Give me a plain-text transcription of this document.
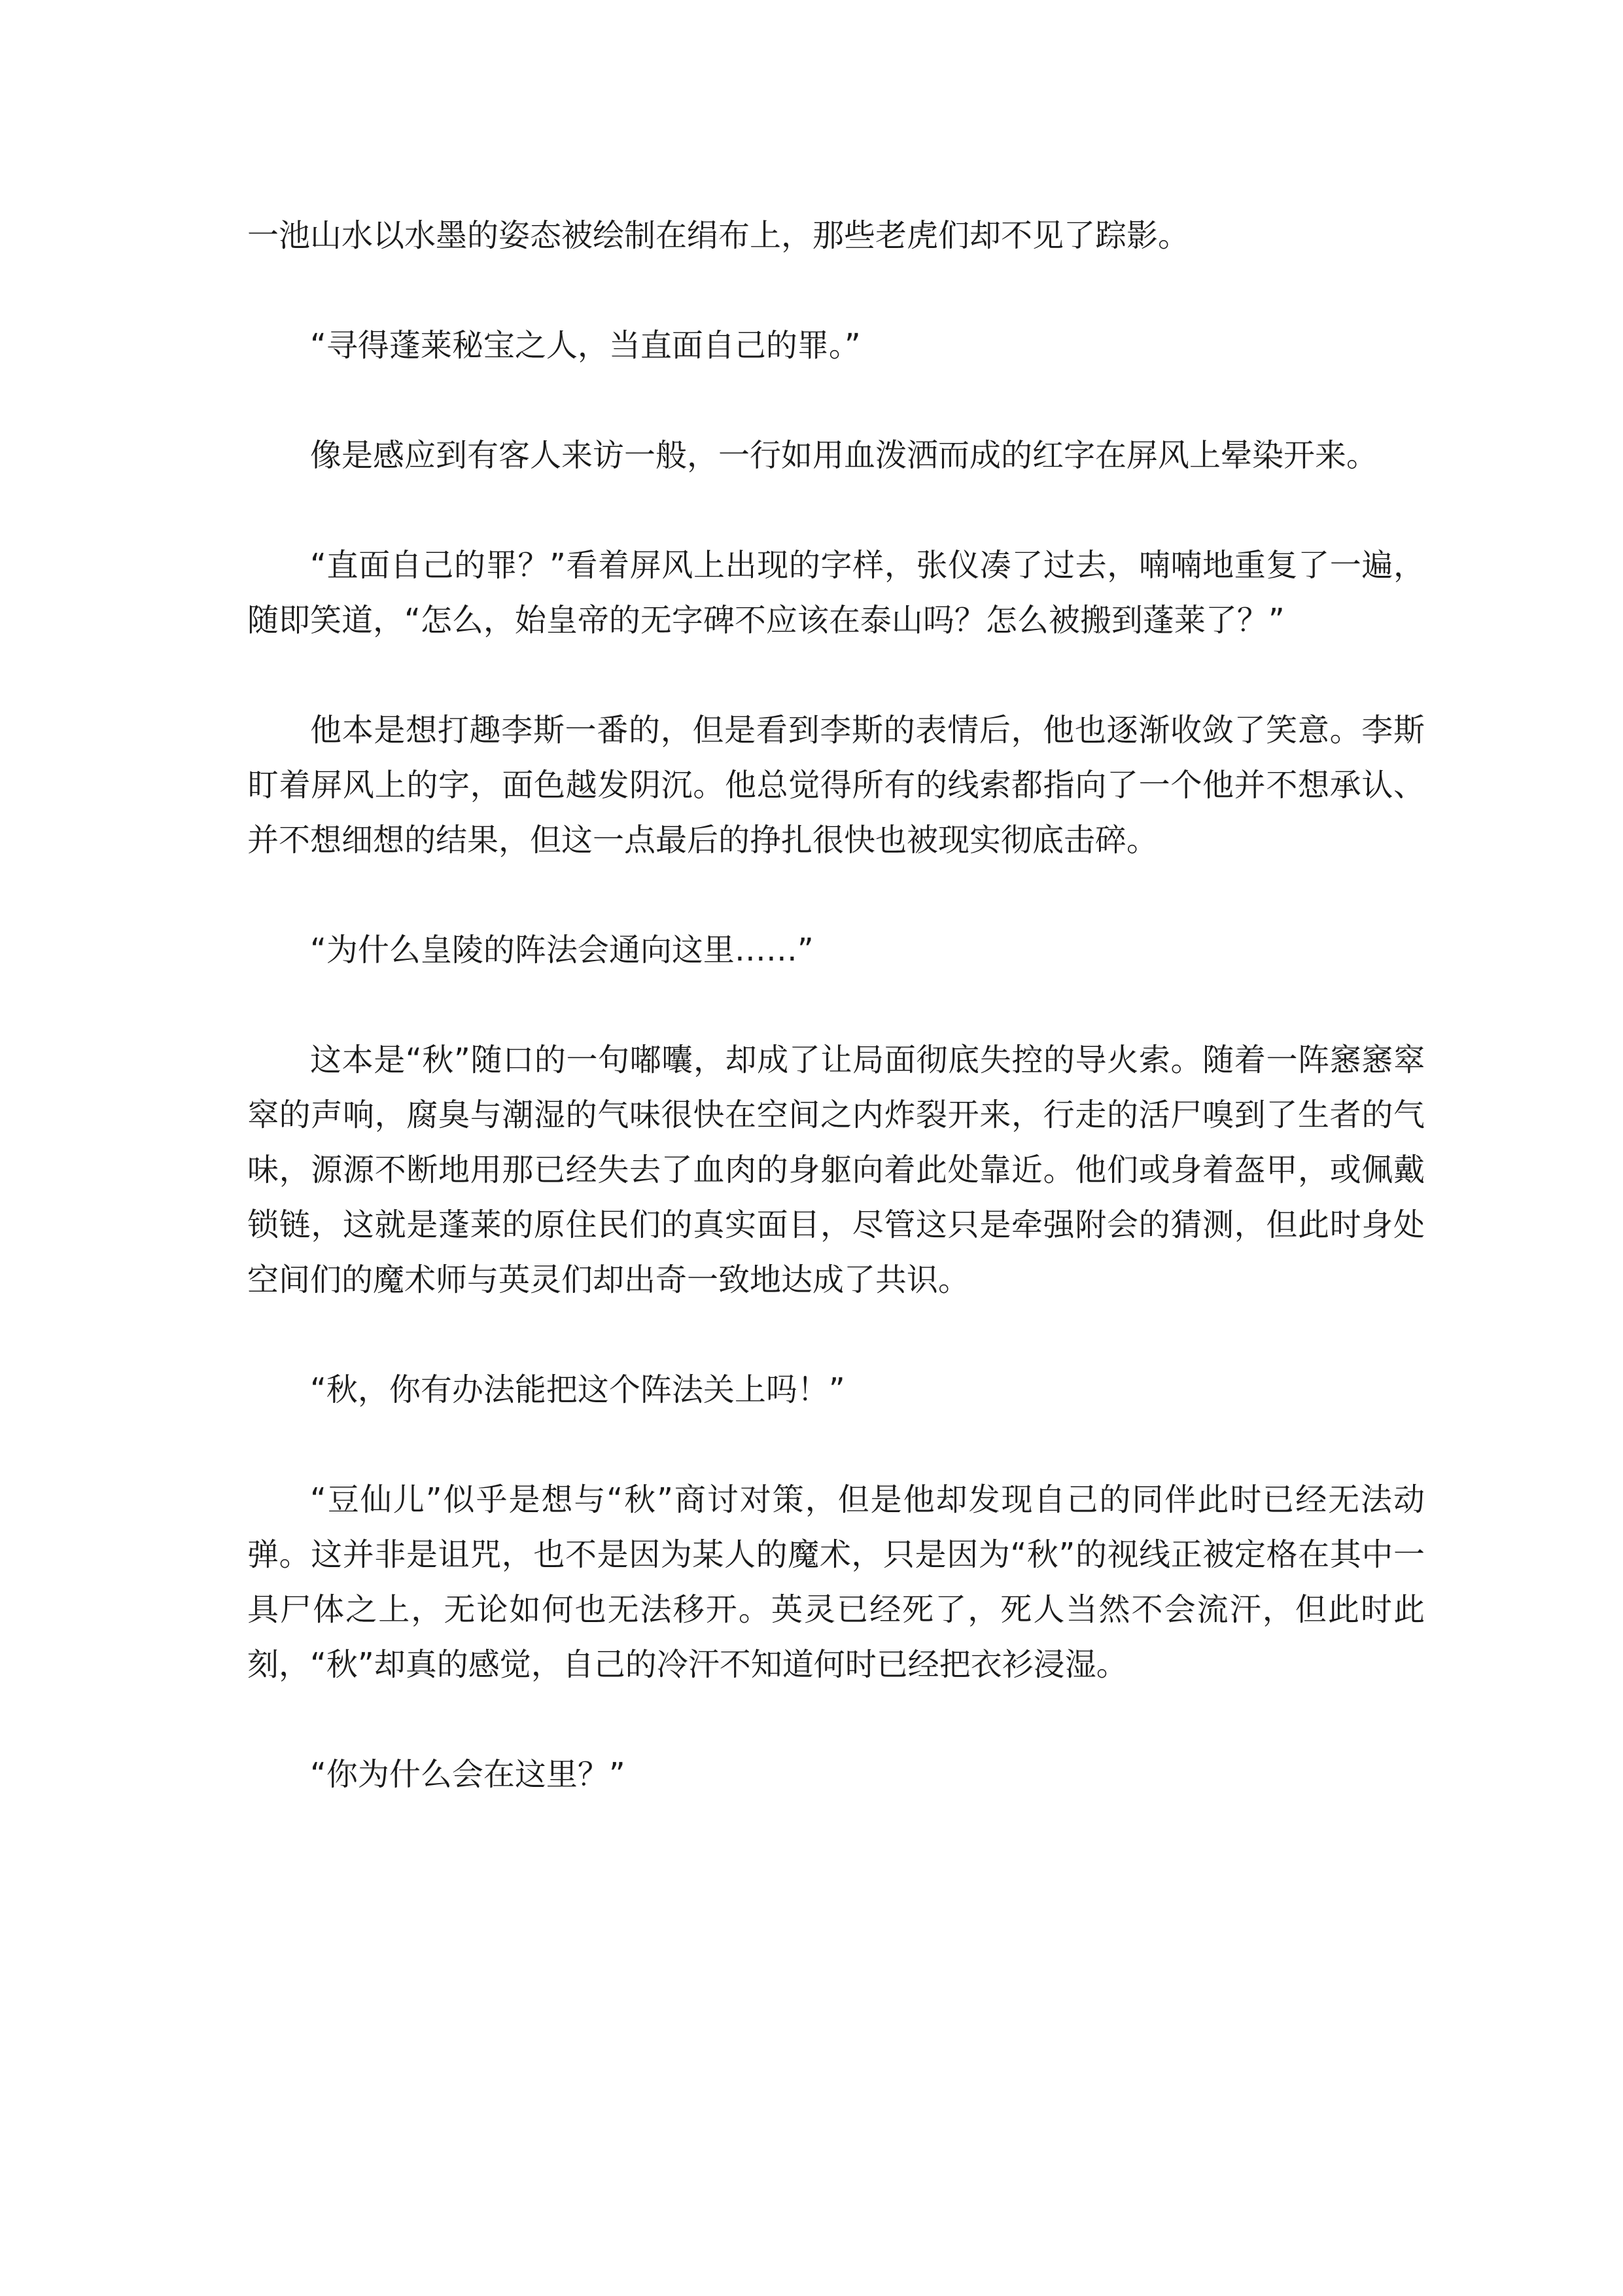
一池山水以水墨的姿态被绘制在绢布上，那些老虎们却不见了踪影。

“寻得蓬莱秘宝之人，当直面自己的罪。”

像是感应到有客人来访一般，一行如用血泼洒而成的红字在屏风上晕染开来。

“直面自己的罪？”看着屏风上出现的字样，张仪凑了过去，喃喃地重复了一遍，随即笑道，“怎么，始皇帝的无字碑不应该在泰山吗？怎么被搬到蓬莱了？”

他本是想打趣李斯一番的，但是看到李斯的表情后，他也逐渐收敛了笑意。李斯盯着屏风上的字，面色越发阴沉。他总觉得所有的线索都指向了一个他并不想承认、并不想细想的结果，但这一点最后的挣扎很快也被现实彻底击碎。

“为什么皇陵的阵法会通向这里……”

这本是“秋”随口的一句嘟囔，却成了让局面彻底失控的导火索。随着一阵窸窸窣窣的声响，腐臭与潮湿的气味很快在空间之内炸裂开来，行走的活尸嗅到了生者的气味，源源不断地用那已经失去了血肉的身躯向着此处靠近。他们或身着盔甲，或佩戴锁链，这就是蓬莱的原住民们的真实面目，尽管这只是牵强附会的猜测，但此时身处空间们的魔术师与英灵们却出奇一致地达成了共识。

“秋，你有办法能把这个阵法关上吗！”

“豆仙儿”似乎是想与“秋”商讨对策，但是他却发现自己的同伴此时已经无法动弹。这并非是诅咒，也不是因为某人的魔术，只是因为“秋”的视线正被定格在其中一具尸体之上，无论如何也无法移开。英灵已经死了，死人当然不会流汗，但此时此刻，“秋”却真的感觉，自己的冷汗不知道何时已经把衣衫浸湿。

“你为什么会在这里？”
